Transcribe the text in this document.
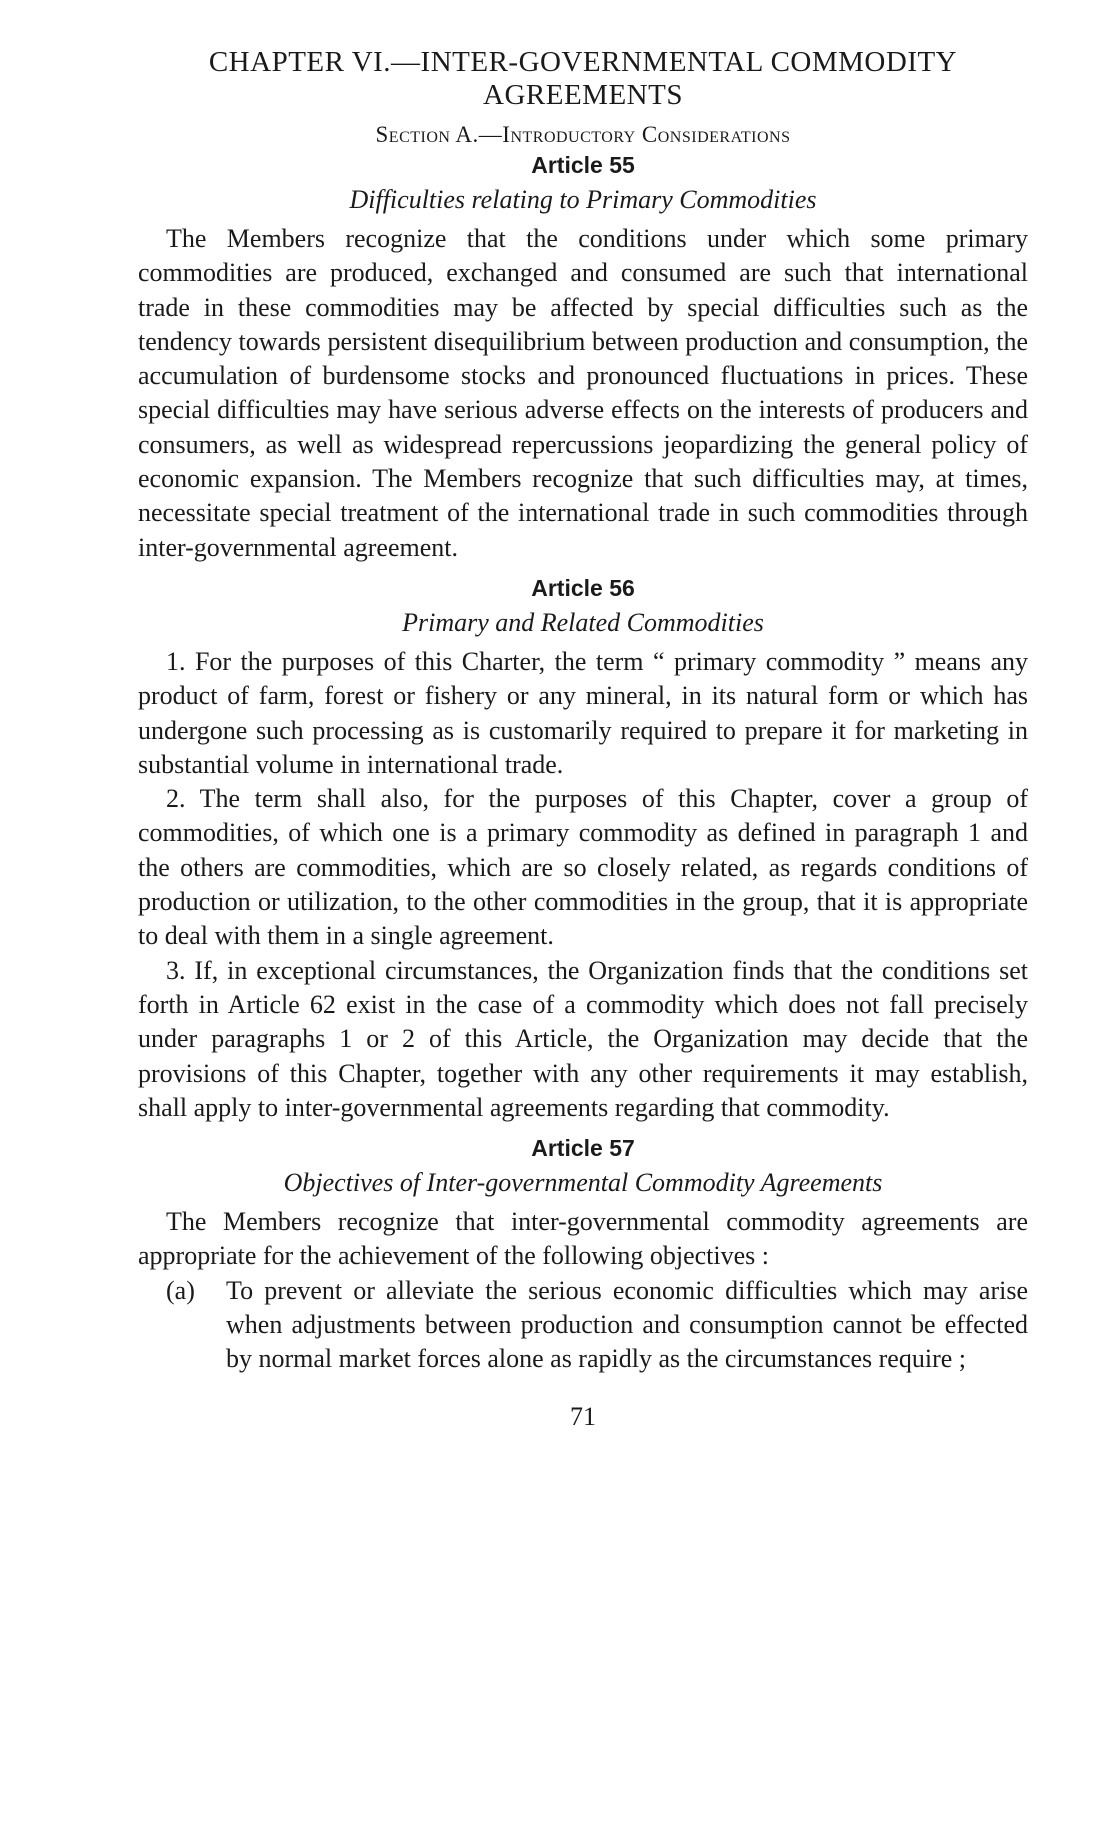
CHAPTER VI.—INTER-GOVERNMENTAL COMMODITY
AGREEMENTS
Section A.—Introductory Considerations
Article 55
Difficulties relating to Primary Commodities

The Members recognize that the conditions under which some primary commodities are produced, exchanged and consumed are such that international trade in these commodities may be affected by special difficulties such as the tendency towards persistent disequilibrium between production and consumption, the accumulation of burdensome stocks and pronounced fluctuations in prices. These special difficulties may have serious adverse effects on the interests of producers and consumers, as well as widespread repercussions jeopardizing the general policy of economic expansion. The Members recognize that such difficulties may, at times, necessitate special treatment of the international trade in such commodities through inter-governmental agreement.

Article 56
Primary and Related Commodities

1. For the purposes of this Charter, the term “ primary commodity ” means any product of farm, forest or fishery or any mineral, in its natural form or which has undergone such processing as is customarily required to prepare it for marketing in substantial volume in international trade.

2. The term shall also, for the purposes of this Chapter, cover a group of commodities, of which one is a primary commodity as defined in paragraph 1 and the others are commodities, which are so closely related, as regards conditions of production or utilization, to the other commodities in the group, that it is appropriate to deal with them in a single agreement.

3. If, in exceptional circumstances, the Organization finds that the conditions set forth in Article 62 exist in the case of a commodity which does not fall precisely under paragraphs 1 or 2 of this Article, the Organization may decide that the provisions of this Chapter, together with any other requirements it may establish, shall apply to inter-governmental agreements regarding that commodity.

Article 57
Objectives of Inter-governmental Commodity Agreements

The Members recognize that inter-governmental commodity agreements are appropriate for the achievement of the following objectives :

(a)	To prevent or alleviate the serious economic difficulties which may arise when adjustments between production and consumption cannot be effected by normal market forces alone as rapidly as the circumstances require ;
71
